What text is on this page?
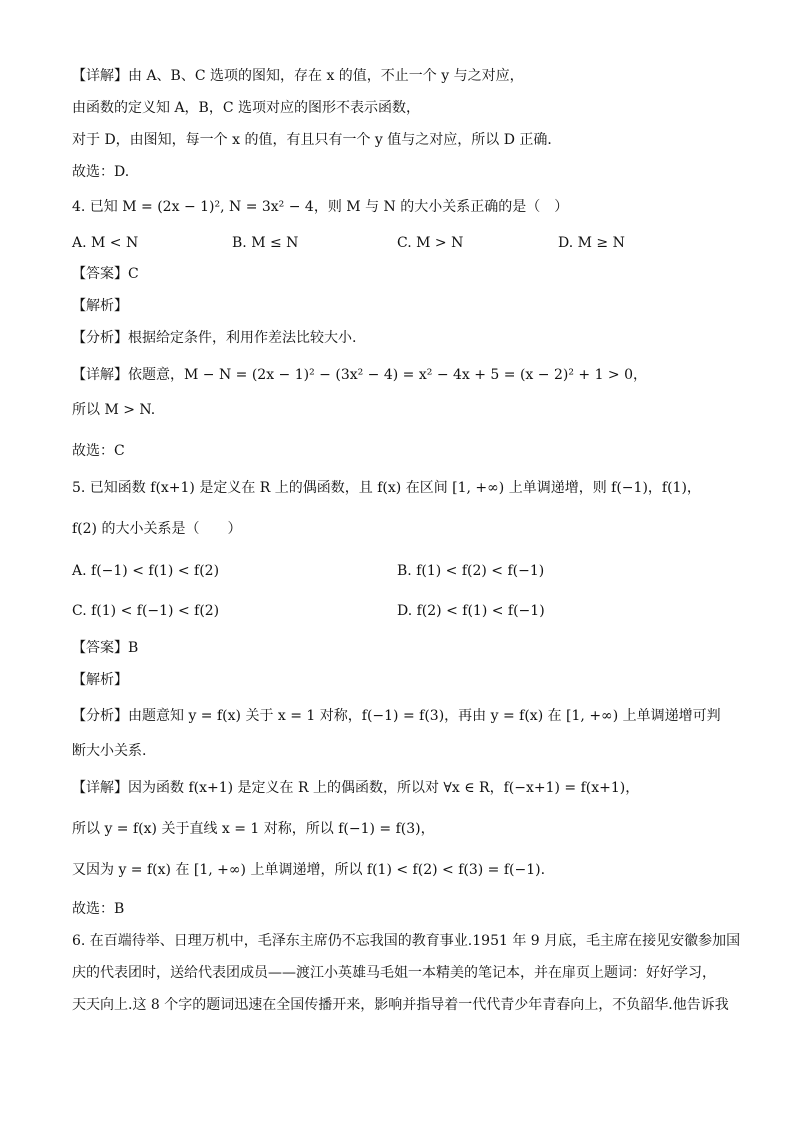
【详解】由 A、B、C 选项的图知，存在 x 的值，不止一个 y 与之对应，
由函数的定义知 A，B，C 选项对应的图形不表示函数，
对于 D，由图知，每一个 x 的值，有且只有一个 y 值与之对应，所以 D 正确．
故选：D.
4. 已知 M = (2x − 1)², N = 3x² − 4，则 M 与 N 的大小关系正确的是（　）
A. M < N	B. M ≤ N	C. M > N	D. M ≥ N
【答案】C
【解析】
【分析】根据给定条件，利用作差法比较大小.
【详解】依题意，M − N = (2x − 1)² − (3x² − 4) = x² − 4x + 5 = (x − 2)² + 1 > 0，
所以 M > N.
故选：C
5. 已知函数 f(x+1) 是定义在 R 上的偶函数，且 f(x) 在区间 [1, +∞) 上单调递增，则 f(−1)，f(1)，
f(2) 的大小关系是（　　）
A. f(−1) < f(1) < f(2)	B. f(1) < f(2) < f(−1)
C. f(1) < f(−1) < f(2)	D. f(2) < f(1) < f(−1)
【答案】B
【解析】
【分析】由题意知 y = f(x) 关于 x = 1 对称，f(−1) = f(3)，再由 y = f(x) 在 [1, +∞) 上单调递增可判
断大小关系.
【详解】因为函数 f(x+1) 是定义在 R 上的偶函数，所以对 ∀x ∈ R，f(−x+1) = f(x+1)，
所以 y = f(x) 关于直线 x = 1 对称，所以 f(−1) = f(3)，
又因为 y = f(x) 在 [1, +∞) 上单调递增，所以 f(1) < f(2) < f(3) = f(−1).
故选：B
6. 在百端待举、日理万机中，毛泽东主席仍不忘我国的教育事业.1951 年 9 月底，毛主席在接见安徽参加国
庆的代表团时，送给代表团成员——渡江小英雄马毛姐一本精美的笔记本，并在扉页上题词：好好学习，
天天向上.这 8 个字的题词迅速在全国传播开来，影响并指导着一代代青少年青春向上，不负韶华.他告诉我
